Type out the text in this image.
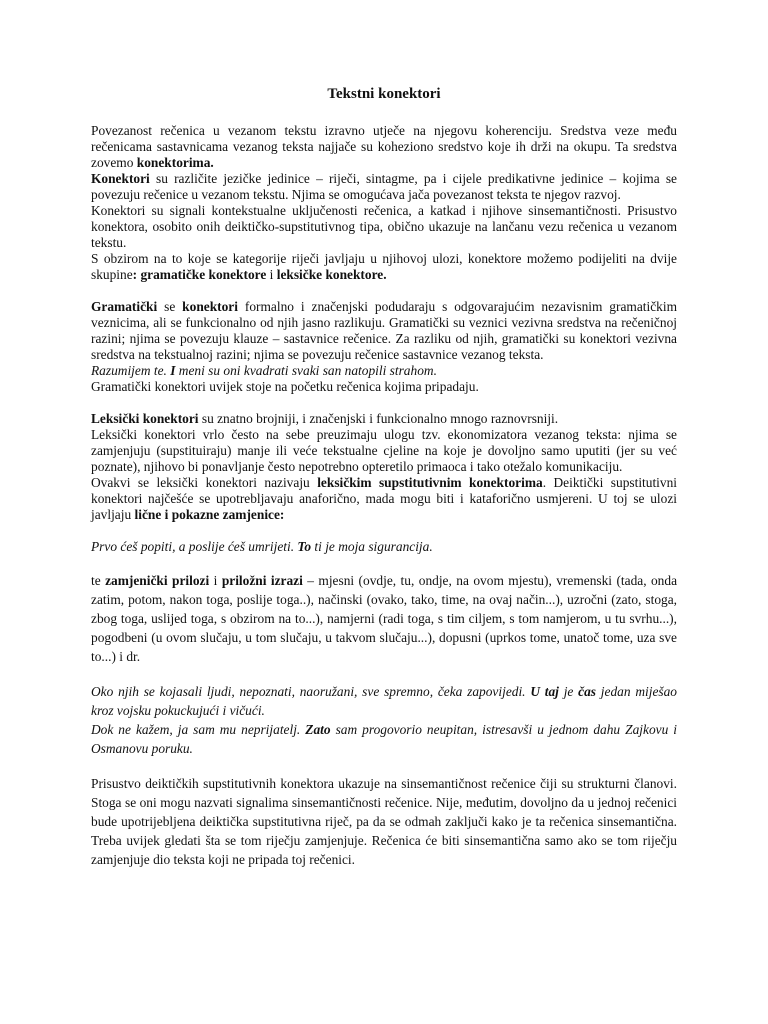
Tekstni konektori

Povezanost rečenica u vezanom tekstu izravno utječe na njegovu koherenciju. Sredstva veze među rečenicama sastavnicama vezanog teksta najjače su koheziono sredstvo koje ih drži na okupu. Ta sredstva zovemo konektorima.

Konektori su različite jezičke jedinice – riječi, sintagme, pa i cijele predikativne jedinice – kojima se povezuju rečenice u vezanom tekstu. Njima se omogućava jača povezanost teksta te njegov razvoj.

Konektori su signali kontekstualne uključenosti rečenica, a katkad i njihove sinsemantičnosti. Prisustvo konektora, osobito onih deiktičko-supstitutivnog tipa, obično ukazuje na lančanu vezu rečenica u vezanom tekstu.

S obzirom na to koje se kategorije riječi javljaju u njihovoj ulozi, konektore možemo podijeliti na dvije skupine: gramatičke konektore i leksičke konektore.

Gramatički se konektori formalno i značenjski podudaraju s odgovarajućim nezavisnim gramatičkim veznicima, ali se funkcionalno od njih jasno razlikuju. Gramatički su veznici vezivna sredstva na rečeničnoj razini; njima se povezuju klauze – sastavnice rečenice. Za razliku od njih, gramatički su konektori vezivna sredstva na tekstualnoj razini; njima se povezuju rečenice sastavnice vezanog teksta.

Razumijem te. I meni su oni kvadrati svaki san natopili strahom.

Gramatički konektori uvijek stoje na početku rečenica kojima pripadaju.

Leksički konektori su znatno brojniji, i značenjski i funkcionalno mnogo raznovrsniji.

Leksički konektori vrlo često na sebe preuzimaju ulogu tzv. ekonomizatora vezanog teksta: njima se zamjenjuju (supstituiraju) manje ili veće tekstualne cjeline na koje je dovoljno samo uputiti (jer su već poznate), njihovo bi ponavljanje često nepotrebno opteretilo primaoca i tako otežalo komunikaciju.

Ovakvi se leksički konektori nazivaju leksičkim supstitutivnim konektorima. Deiktički supstitutivni konektori najčešće se upotrebljavaju anaforično, mada mogu biti i kataforično usmjereni. U toj se ulozi javljaju lične i pokazne zamjenice:

Prvo ćeš popiti, a poslije ćeš umrijeti. To ti je moja sigurancija.

te zamjenički prilozi i priložni izrazi – mjesni (ovdje, tu, ondje, na ovom mjestu), vremenski (tada, onda zatim, potom, nakon toga, poslije toga..), načinski (ovako, tako, time, na ovaj način...), uzročni (zato, stoga, zbog toga, uslijed toga, s obzirom na to...), namjerni (radi toga, s tim ciljem, s tom namjerom, u tu svrhu...), pogodbeni (u ovom slučaju, u tom slučaju, u takvom slučaju...), dopusni (uprkos tome, unatoč tome, uza sve to...) i dr.

Oko njih se kojasali ljudi, nepoznati, naoružani, sve spremno, čeka zapovijedi. U taj je čas jedan miješao kroz vojsku pokuckujući i vičući.

Dok ne kažem, ja sam mu neprijatelj. Zato sam progovorio neupitan, istresavši u jednom dahu Zajkovu i Osmanovu poruku.

Prisustvo deiktičkih supstitutivnih konektora ukazuje na sinsemantičnost rečenice čiji su strukturni članovi. Stoga se oni mogu nazvati signalima sinsemantičnosti rečenice. Nije, međutim, dovoljno da u jednoj rečenici bude upotrijebljena deiktička supstitutivna riječ, pa da se odmah zaključi kako je ta rečenica sinsemantična. Treba uvijek gledati šta se tom riječju zamjenjuje. Rečenica će biti sinsemantična samo ako se tom riječju zamjenjuje dio teksta koji ne pripada toj rečenici.
